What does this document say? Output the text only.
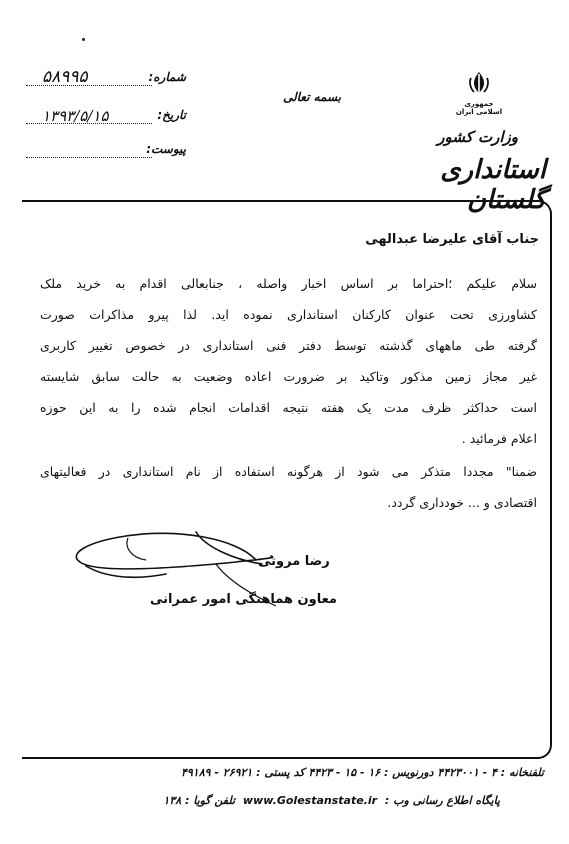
شماره:
۵۸۹۹۵
تاریخ:
۱۳۹۳/۵/۱۵
پیوست:
بسمه تعالی	جمهوری اسلامی ایران
وزارت کشور
استانداری گلستان
جناب آقای علیرضا عبدالهی
سلام علیکم ؛احتراما بر اساس اخبار واصله ، جنابعالی اقدام به خرید ملک
کشاورزی تحت عنوان کارکنان استانداری نموده اید. لذا پیرو مذاکرات صورت
گرفته طی ماههای گذشته توسط دفتر فنی استانداری در خصوص تغییر کاربری
غیر مجاز زمین مذکور وتاکید بر ضرورت اعاده وضعیت به حالت سابق شایسته
است حداکثر ظرف مدت یک هفته نتیجه اقدامات انجام شده را به این حوزه
اعلام فرمائید .
ضمنا" مجددا متذکر می شود از هرگونه استفاده از نام استانداری در فعالیتهای
اقتصادی و ... خودداری گردد.
رضا مروتی
معاون هماهنگی امور عمرانی
تلفنخانه : ۴ - ۴۴۲۳۰۰۱ دورنویس : ۱۶ - ۱۵ - ۴۴۲۳ کد پستی : ۲۶۹۲۱ - ۴۹۱۸۹
پایگاه اطلاع رسانی وب : www.Golestanstate.ir تلفن گویا : ۱۳۸
